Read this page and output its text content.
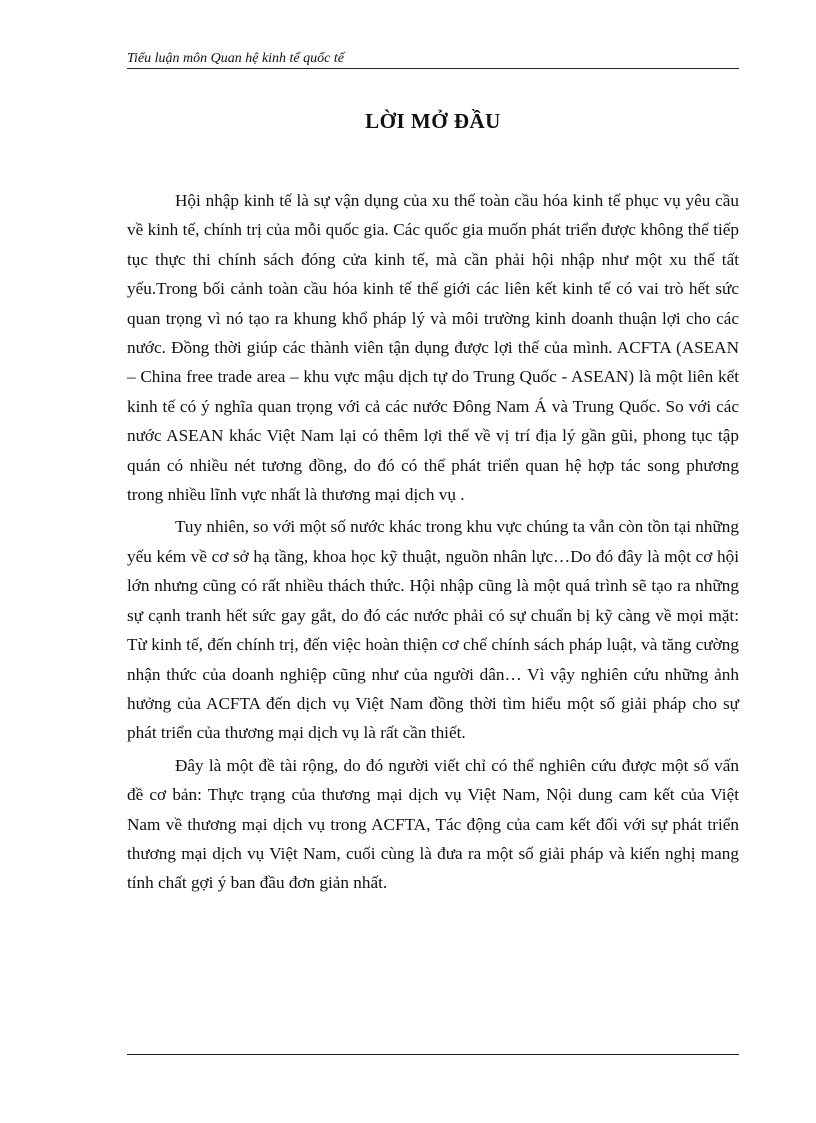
Tiểu luận môn Quan hệ kinh tế quốc tế
LỜI MỞ ĐẦU

Hội nhập kinh tế là sự vận dụng của xu thế toàn cầu hóa kinh tế phục vụ yêu cầu về kinh tế, chính trị của mỗi quốc gia. Các quốc gia muốn phát triển được không thể tiếp tục thực thi chính sách đóng cửa kinh tế, mà cần phải hội nhập như một xu thế tất yếu.Trong bối cảnh toàn cầu hóa kinh tế thế giới các liên kết kinh tế có vai trò hết sức quan trọng vì nó tạo ra khung khổ pháp lý và môi trường kinh doanh thuận lợi cho các nước. Đồng thời giúp các thành viên tận dụng được lợi thế của mình. ACFTA (ASEAN – China free trade area – khu vực mậu dịch tự do Trung Quốc - ASEAN) là một liên kết kinh tế có ý nghĩa quan trọng với cả các nước Đông Nam Á và Trung Quốc. So với các nước ASEAN khác Việt Nam lại có thêm lợi thế về vị trí địa lý gần gũi, phong tục tập quán có nhiều nét tương đồng, do đó có thể phát triển quan hệ hợp tác song phương trong nhiều lĩnh vực nhất là thương mại dịch vụ .

Tuy nhiên, so với một số nước khác trong khu vực chúng ta vẫn còn tồn tại những yếu kém về cơ sở hạ tầng, khoa học kỹ thuật, nguồn nhân lực…Do đó đây là một cơ hội lớn nhưng cũng có rất nhiều thách thức. Hội nhập cũng là một quá trình sẽ tạo ra những sự cạnh tranh hết sức gay gắt, do đó các nước phải có sự chuẩn bị kỹ càng về mọi mặt: Từ kinh tế, đến chính trị, đến việc hoàn thiện cơ chế chính sách pháp luật, và tăng cường nhận thức của doanh nghiệp cũng như của người dân… Vì vậy nghiên cứu những ảnh hưởng của ACFTA đến dịch vụ Việt Nam đồng thời tìm hiểu một số giải pháp cho sự phát triển của thương mại dịch vụ là rất cần thiết.

Đây là một đề tài rộng, do đó người viết chỉ có thể nghiên cứu được một số vấn đề cơ bản: Thực trạng của thương mại dịch vụ Việt Nam, Nội dung cam kết của Việt Nam về thương mại dịch vụ trong ACFTA, Tác động của cam kết đối với sự phát triển thương mại dịch vụ Việt Nam, cuối cùng là đưa ra một số giải pháp và kiến nghị mang tính chất gợi ý ban đầu đơn giản nhất.
